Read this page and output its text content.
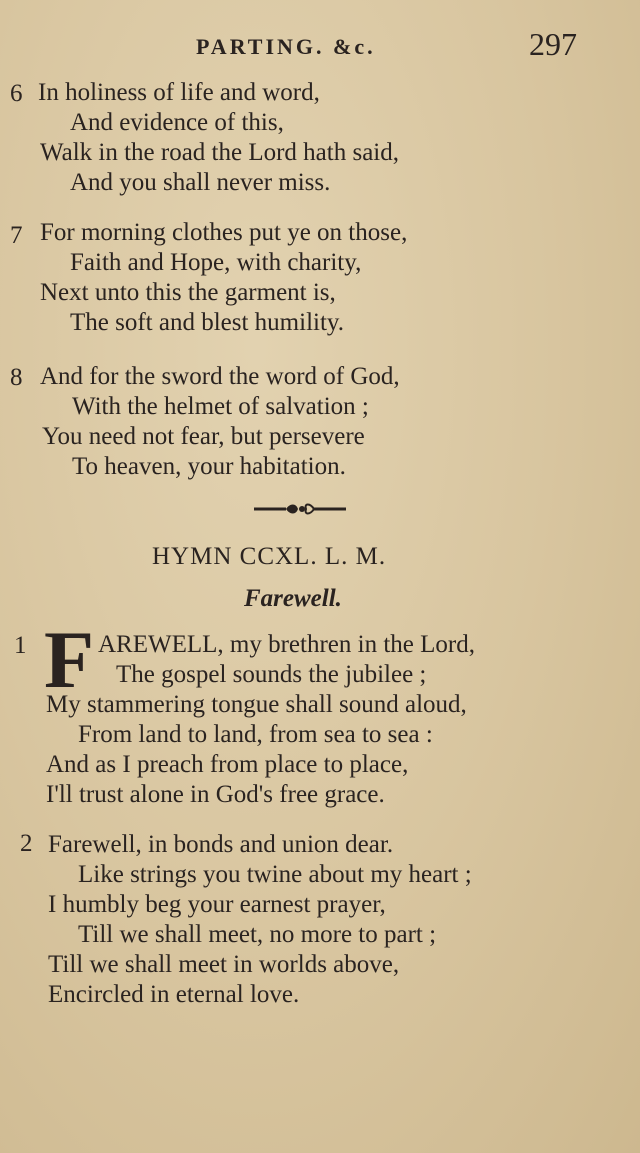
PARTING. &c.	297
6 In holiness of life and word,
And evidence of this,
Walk in the road the Lord hath said,
And you shall never miss.
7 For morning clothes put ye on those,
Faith and Hope, with charity,
Next unto this the garment is,
The soft and blest humility.
8 And for the sword the word of God,
With the helmet of salvation ;
You need not fear, but persevere
To heaven, your habitation.
HYMN CCXL. L. M.
Farewell.
1 F AREWELL, my brethren in the Lord,
The gospel sounds the jubilee ;
My stammering tongue shall sound aloud,
From land to land, from sea to sea :
And as I preach from place to place,
I'll trust alone in God's free grace.
2 Farewell, in bonds and union dear.
Like strings you twine about my heart ;
I humbly beg your earnest prayer,
Till we shall meet, no more to part ;
Till we shall meet in worlds above,
Encircled in eternal love.
